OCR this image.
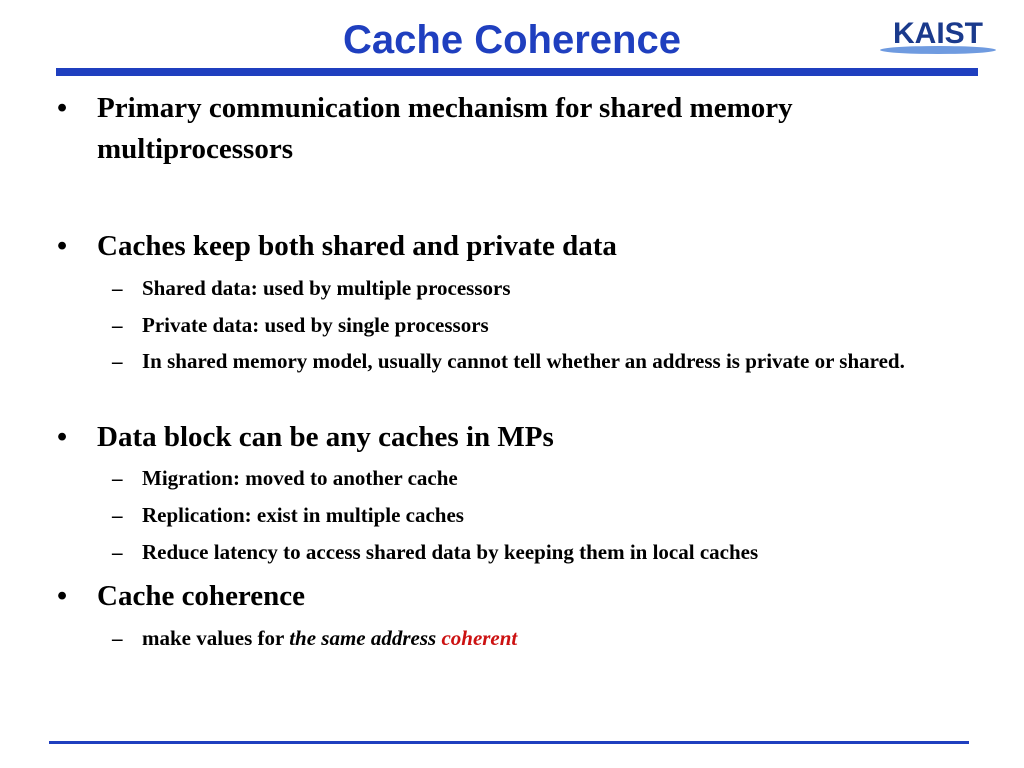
Cache Coherence	KAIST
• Primary communication mechanism for shared memory multiprocessors
• Caches keep both shared and private data
– Shared data: used by multiple processors
– Private data: used by single processors
– In shared memory model, usually cannot tell whether an address is private or shared.
• Data block can be any caches in MPs
– Migration: moved to another cache
– Replication: exist in multiple caches
– Reduce latency to access shared data by keeping them in local caches
• Cache coherence
– make values for the same address coherent
